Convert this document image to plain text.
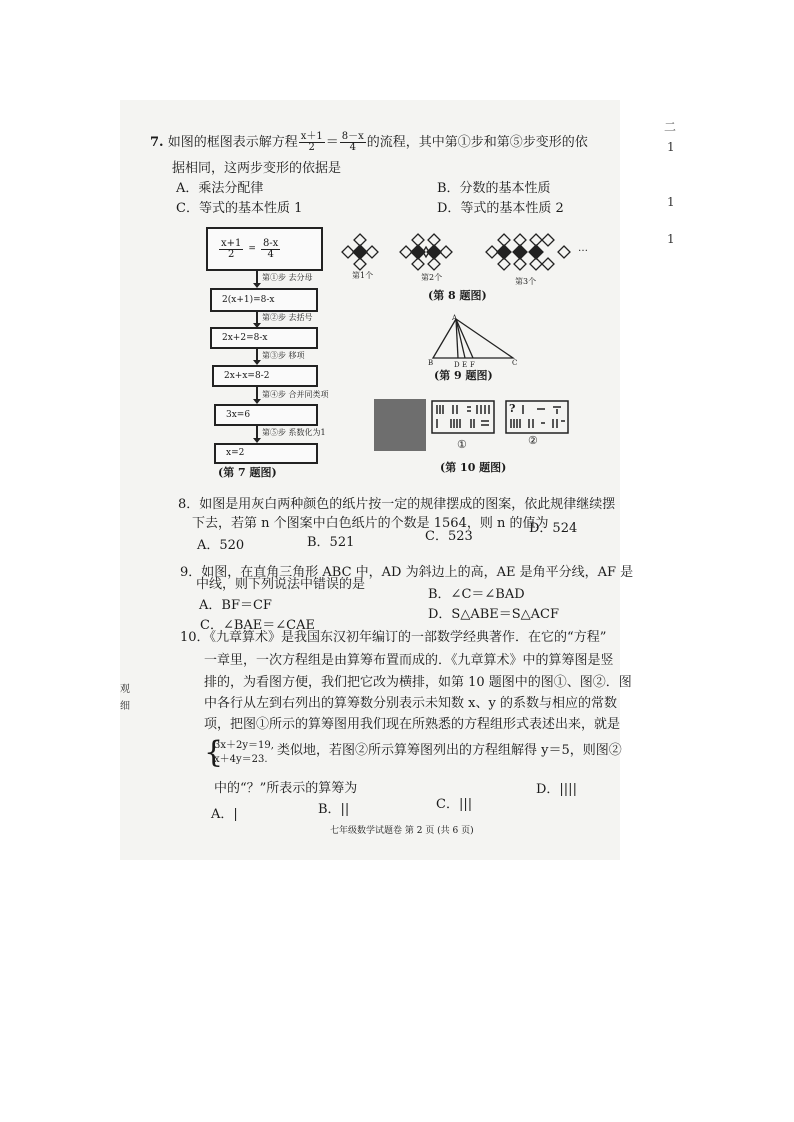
二
1
1
1
观
细
7. 如图的框图表示解方程 $\frac{x+1}{2} = \frac{8-x}{4}$ 的流程，其中第①步和第⑤步变形的依
据相同，这两步变形的依据是
A．乘法分配律	B．分数的基本性质
C．等式的基本性质 1	D．等式的基本性质 2
$\frac{x+1}{2} = \frac{8-x}{4}$
第①步 去分母
2(x+1)=8-x
第②步 去括号
2x+2=8-x
第③步 移项
2x+x=8-2
第④步 合并同类项
3x=6
第⑤步 系数化为1
x=2
(第 7 题图)
第1个	第2个	第3个
…
(第 8 题图)
A
B	D E F	C
(第 9 题图)
?
①	②
(第 10 题图)
8．如图是用灰白两种颜色的纸片按一定的规律摆成的图案，依此规律继续摆
下去，若第 n 个图案中白色纸片的个数是 1564，则 n 的值为
A．520	B．521	C．523
D．524
9．如图，在直角三角形 ABC 中，AD 为斜边上的高，AE 是角平分线，AF 是
中线，则下列说法中错误的是
A．BF＝CF
B．∠C＝∠BAD
C．∠BAE＝∠CAE
D．S△ABE＝S△ACF
10．《九章算术》是我国东汉初年编订的一部数学经典著作．在它的“方程”
一章里，一次方程组是由算筹布置而成的．《九章算术》中的算筹图是竖
排的，为看图方便，我们把它改为横排，如第 10 题图中的图①、图②．图
中各行从左到右列出的算筹数分别表示未知数 x、y 的系数与相应的常数
项，把图①所示的算筹图用我们现在所熟悉的方程组形式表述出来，就是
{
3x＋2y＝19,
x＋4y＝23.
类似地，若图②所示算筹图列出的方程组解得 y＝5，则图②
中的“？”所表示的算筹为
A．|	B．||	C．|||
D．||||
七年级数学试题卷 第 2 页 (共 6 页)
